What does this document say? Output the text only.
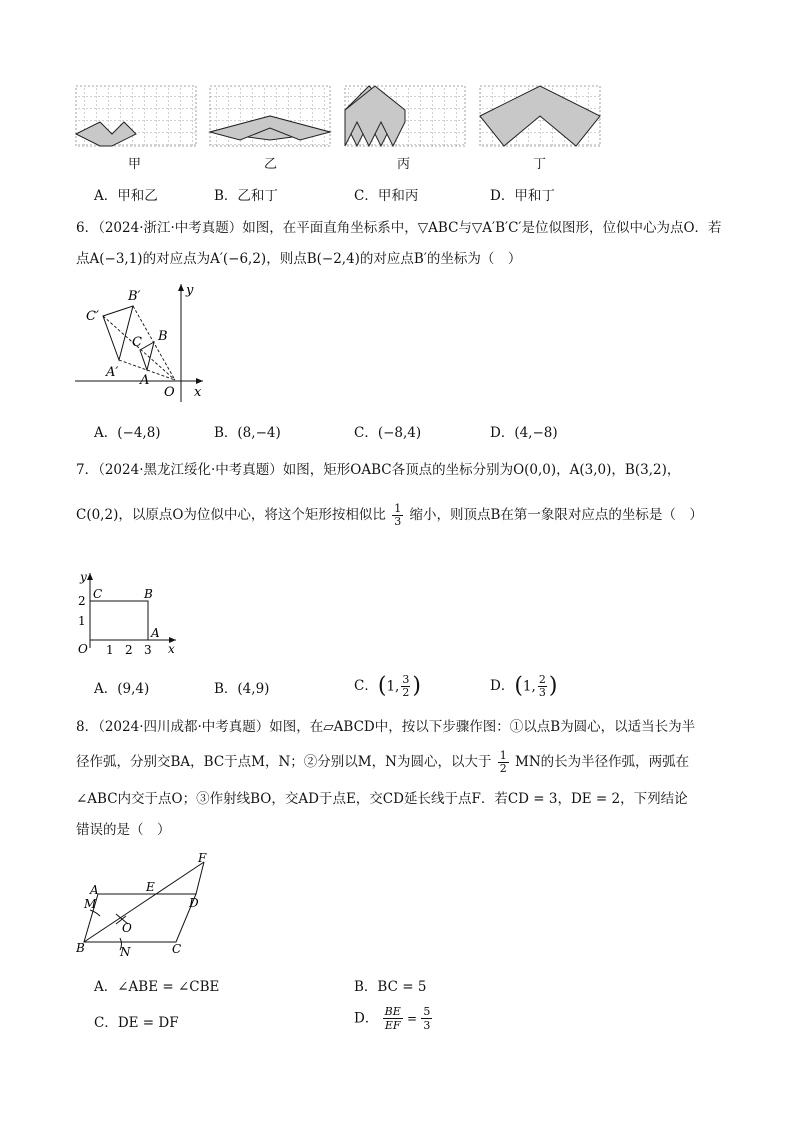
甲	乙	丙	丁
A．甲和乙	B．乙和丁	C．甲和丙	D．甲和丁
6．（2024·浙江·中考真题）如图，在平面直角坐标系中，▽ABC与▽A′B′C′是位似图形，位似中心为点O．若
点A(−3,1)的对应点为A′(−6,2)，则点B(−2,4)的对应点B′的坐标为（　）
C′
B′
B
C
A′
A
O x
y
A．(−4,8)	B．(8,−4)	C．(−8,4)	D．(4,−8)
7．（2024·黑龙江绥化·中考真题）如图，矩形OABC各顶点的坐标分别为O(0,0)，A(3,0)，B(3,2)，
C(0,2)，以原点O为位似中心，将这个矩形按相似比 $\frac{1}{3}$ 缩小，则顶点B在第一象限对应点的坐标是（　）
y
2
1
C	B
A
O 1 2 3 x
A．(9,4)	B．(4,9)	C．(1, $\frac{3}{2}$ )	D．(1, $\frac{2}{3}$ )
8．（2024·四川成都·中考真题）如图，在▱ABCD中，按以下步骤作图：①以点B为圆心，以适当长为半
径作弧，分别交BA，BC于点M，N；②分别以M，N为圆心，以大于 $\frac{1}{2}$ MN的长为半径作弧，两弧在
∠ABC内交于点O；③作射线BO，交AD于点E，交CD延长线于点F．若CD = 3，DE = 2，下列结论
错误的是（　）
F
A	E
D
M
O
B	N	C
A．∠ABE = ∠CBE	B．BC = 5
C．DE = DF	D． $\frac{BE}{EF} = \frac{5}{3}$
